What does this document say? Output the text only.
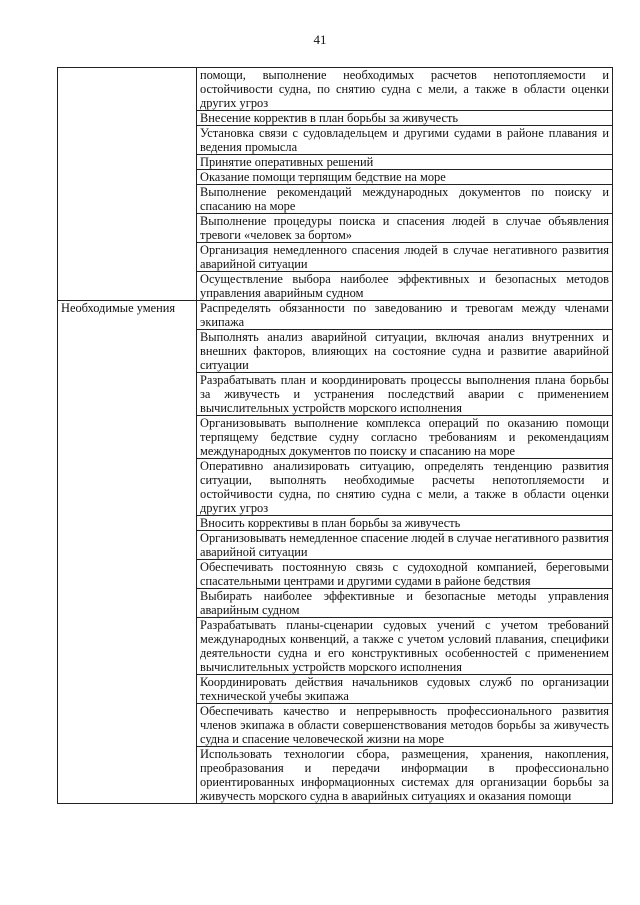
41
	помощи, выполнение необходимых расчетов непотопляемости и остойчивости судна, по снятию судна с мели, а также в области оценки других угроз
	Внесение корректив в план борьбы за живучесть
	Установка связи с судовладельцем и другими судами в районе плавания и ведения промысла
	Принятие оперативных решений
	Оказание помощи терпящим бедствие на море
	Выполнение рекомендаций международных документов по поиску и спасанию на море
	Выполнение процедуры поиска и спасения людей в случае объявления тревоги «человек за бортом»
	Организация немедленного спасения людей в случае негативного развития аварийной ситуации
	Осуществление выбора наиболее эффективных и безопасных методов управления аварийным судном
Необходимые умения	Распределять обязанности по заведованию и тревогам между членами экипажа
	Выполнять анализ аварийной ситуации, включая анализ внутренних и внешних факторов, влияющих на состояние судна и развитие аварийной ситуации
	Разрабатывать план и координировать процессы выполнения плана борьбы за живучесть и устранения последствий аварии с применением вычислительных устройств морского исполнения
	Организовывать выполнение комплекса операций по оказанию помощи терпящему бедствие судну согласно требованиям и рекомендациям международных документов по поиску и спасанию на море
	Оперативно анализировать ситуацию, определять тенденцию развития ситуации, выполнять необходимые расчеты непотопляемости и остойчивости судна, по снятию судна с мели, а также в области оценки других угроз
	Вносить коррективы в план борьбы за живучесть
	Организовывать немедленное спасение людей в случае негативного развития аварийной ситуации
	Обеспечивать постоянную связь с судоходной компанией, береговыми спасательными центрами и другими судами в районе бедствия
	Выбирать наиболее эффективные и безопасные методы управления аварийным судном
	Разрабатывать планы-сценарии судовых учений с учетом требований международных конвенций, а также с учетом условий плавания, специфики деятельности судна и его конструктивных особенностей с применением вычислительных устройств морского исполнения
	Координировать действия начальников судовых служб по организации технической учебы экипажа
	Обеспечивать качество и непрерывность профессионального развития членов экипажа в области совершенствования методов борьбы за живучесть судна и спасение человеческой жизни на море
	Использовать технологии сбора, размещения, хранения, накопления, преобразования и передачи информации в профессионально ориентированных информационных системах для организации борьбы за живучесть морского судна в аварийных ситуациях и оказания помощи
